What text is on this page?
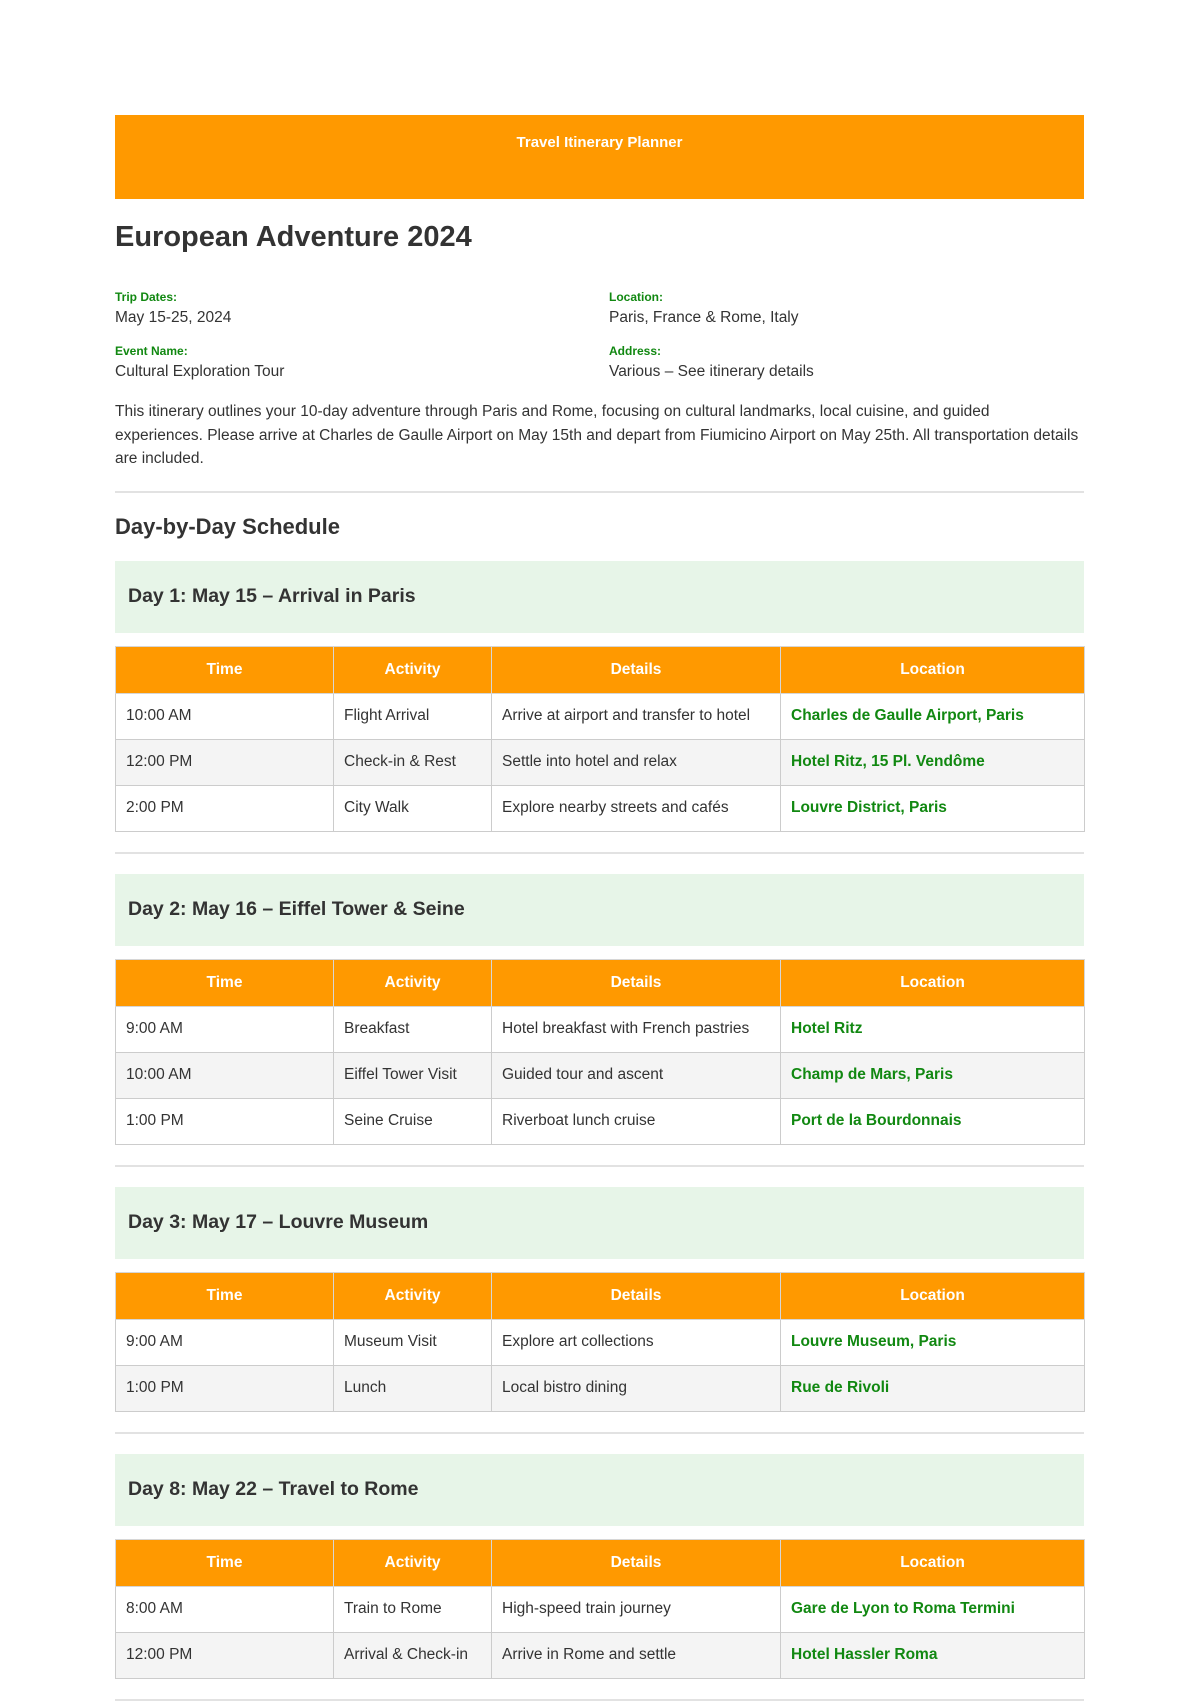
Travel Itinerary Planner
European Adventure 2024
Trip Dates:
May 15-25, 2024
Location:
Paris, France & Rome, Italy
Event Name:
Cultural Exploration Tour
Address:
Various – See itinerary details

This itinerary outlines your 10-day adventure through Paris and Rome, focusing on cultural landmarks, local cuisine, and guided experiences. Please arrive at Charles de Gaulle Airport on May 15th and depart from Fiumicino Airport on May 25th. All transportation details are included.

Day-by-Day Schedule
Day 1: May 15 – Arrival in Paris
Time	Activity	Details	Location
10:00 AM	Flight Arrival	Arrive at airport and transfer to hotel	Charles de Gaulle Airport, Paris
12:00 PM	Check-in & Rest	Settle into hotel and relax	Hotel Ritz, 15 Pl. Vendôme
2:00 PM	City Walk	Explore nearby streets and cafés	Louvre District, Paris
Day 2: May 16 – Eiffel Tower & Seine
Time	Activity	Details	Location
9:00 AM	Breakfast	Hotel breakfast with French pastries	Hotel Ritz
10:00 AM	Eiffel Tower Visit	Guided tour and ascent	Champ de Mars, Paris
1:00 PM	Seine Cruise	Riverboat lunch cruise	Port de la Bourdonnais
Day 3: May 17 – Louvre Museum
Time	Activity	Details	Location
9:00 AM	Museum Visit	Explore art collections	Louvre Museum, Paris
1:00 PM	Lunch	Local bistro dining	Rue de Rivoli
Day 8: May 22 – Travel to Rome
Time	Activity	Details	Location
8:00 AM	Train to Rome	High-speed train journey	Gare de Lyon to Roma Termini
12:00 PM	Arrival & Check-in	Arrive in Rome and settle	Hotel Hassler Roma
